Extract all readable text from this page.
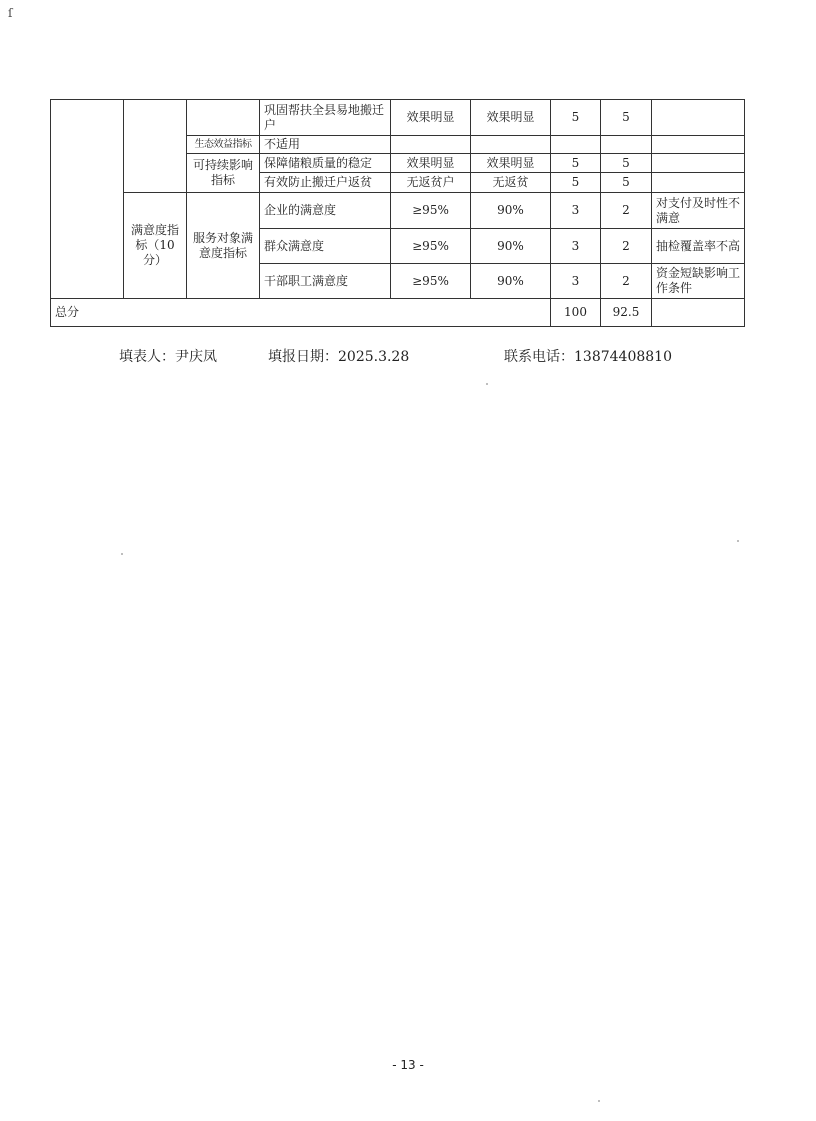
ſ
			巩固帮扶全县易地搬迁户	效果明显	效果明显	5	5	
		生态效益指标	不适用					
		可持续影响指标	保障储粮质量的稳定	效果明显	效果明显	5	5	
			有效防止搬迁户返贫	无返贫户	无返贫	5	5	
	满意度指标（10分）	服务对象满意度指标	企业的满意度	≥95%	90%	3	2	对支付及时性不满意
			群众满意度	≥95%	90%	3	2	抽检覆盖率不高
			干部职工满意度	≥95%	90%	3	2	资金短缺影响工作条件
总分						100	92.5	
填表人：尹庆凤	填报日期：2025.3.28	联系电话：13874408810
- 13 -
